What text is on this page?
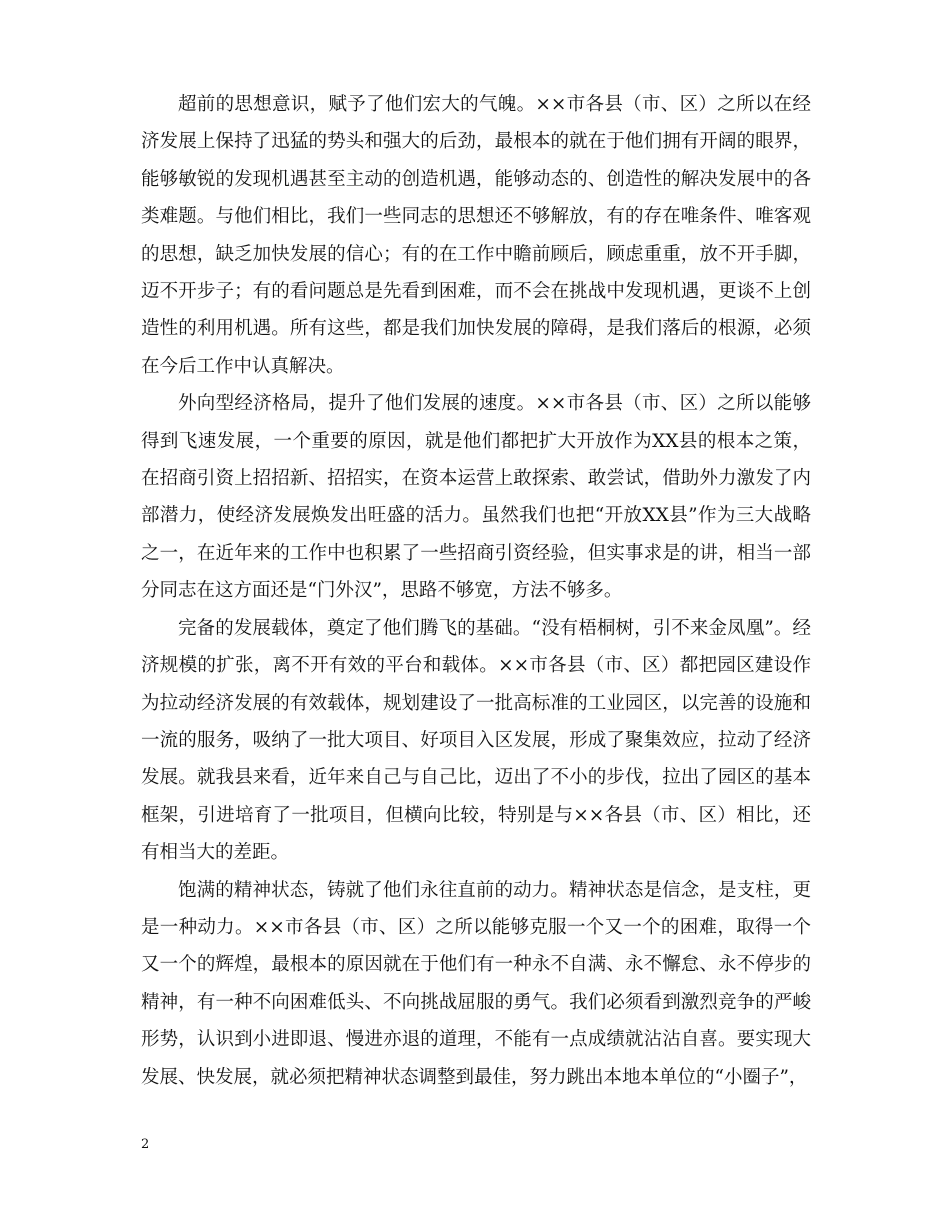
超前的思想意识，赋予了他们宏大的气魄。××市各县（市、区）之所以在经济发展上保持了迅猛的势头和强大的后劲，最根本的就在于他们拥有开阔的眼界，能够敏锐的发现机遇甚至主动的创造机遇，能够动态的、创造性的解决发展中的各类难题。与他们相比，我们一些同志的思想还不够解放，有的存在唯条件、唯客观的思想，缺乏加快发展的信心；有的在工作中瞻前顾后，顾虑重重，放不开手脚，迈不开步子；有的看问题总是先看到困难，而不会在挑战中发现机遇，更谈不上创造性的利用机遇。所有这些，都是我们加快发展的障碍，是我们落后的根源，必须在今后工作中认真解决。

外向型经济格局，提升了他们发展的速度。××市各县（市、区）之所以能够得到飞速发展，一个重要的原因，就是他们都把扩大开放作为XX县的根本之策，在招商引资上招招新、招招实，在资本运营上敢探索、敢尝试，借助外力激发了内部潜力，使经济发展焕发出旺盛的活力。虽然我们也把“开放XX县”作为三大战略之一，在近年来的工作中也积累了一些招商引资经验，但实事求是的讲，相当一部分同志在这方面还是“门外汉”，思路不够宽，方法不够多。

完备的发展载体，奠定了他们腾飞的基础。“没有梧桐树，引不来金凤凰”。经济规模的扩张，离不开有效的平台和载体。××市各县（市、区）都把园区建设作为拉动经济发展的有效载体，规划建设了一批高标准的工业园区，以完善的设施和一流的服务，吸纳了一批大项目、好项目入区发展，形成了聚集效应，拉动了经济发展。就我县来看，近年来自己与自己比，迈出了不小的步伐，拉出了园区的基本框架，引进培育了一批项目，但横向比较，特别是与××各县（市、区）相比，还有相当大的差距。

饱满的精神状态，铸就了他们永往直前的动力。精神状态是信念，是支柱，更是一种动力。××市各县（市、区）之所以能够克服一个又一个的困难，取得一个又一个的辉煌，最根本的原因就在于他们有一种永不自满、永不懈怠、永不停步的精神，有一种不向困难低头、不向挑战屈服的勇气。我们必须看到激烈竞争的严峻形势，认识到小进即退、慢进亦退的道理，不能有一点成绩就沾沾自喜。要实现大发展、快发展，就必须把精神状态调整到最佳，努力跳出本地本单位的“小圈子”，

2
